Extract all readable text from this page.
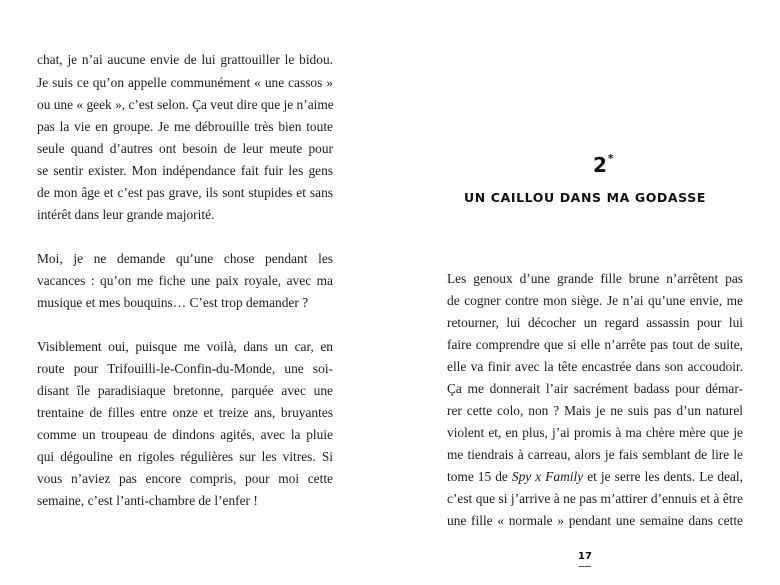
chat, je n’ai aucune envie de lui grattouiller le bidou.
Je suis ce qu’on appelle communément « une cassos »
ou une « geek », c’est selon. Ça veut dire que je n’aime
pas la vie en groupe. Je me débrouille très bien toute
seule quand d’autres ont besoin de leur meute pour
se sentir exister. Mon indépendance fait fuir les gens
de mon âge et c’est pas grave, ils sont stupides et sans
intérêt dans leur grande majorité.
Moi, je ne demande qu’une chose pendant les
vacances : qu’on me fiche une paix royale, avec ma
musique et mes bouquins… C’est trop demander ?
Visiblement oui, puisque me voilà, dans un car, en
route pour Trifouilli-le-Confin-du-Monde, une soi-
disant île paradisiaque bretonne, parquée avec une
trentaine de filles entre onze et treize ans, bruyantes
comme un troupeau de dindons agités, avec la pluie
qui dégouline en rigoles régulières sur les vitres. Si
vous n’aviez pas encore compris, pour moi cette
semaine, c’est l’anti-chambre de l’enfer !
2*
UN CAILLOU DANS MA GODASSE
Les genoux d’une grande fille brune n’arrêtent pas
de cogner contre mon siège. Je n’ai qu’une envie, me
retourner, lui décocher un regard assassin pour lui
faire comprendre que si elle n’arrête pas tout de suite,
elle va finir avec la tête encastrée dans son accoudoir.
Ça me donnerait l’air sacrément badass pour démar-
rer cette colo, non ? Mais je ne suis pas d’un naturel
violent et, en plus, j’ai promis à ma chère mère que je
me tiendrais à carreau, alors je fais semblant de lire le
tome 15 de Spy x Family et je serre les dents. Le deal,
c’est que si j’arrive à ne pas m’attirer d’ennuis et à être
une fille « normale » pendant une semaine dans cette
17
